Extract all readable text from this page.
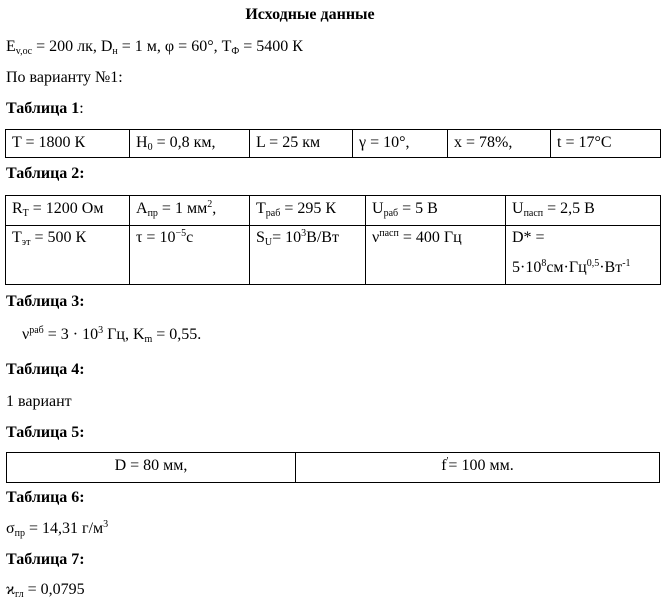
Исходные данные
$E_{v,oc} = 200$ лк, $D_н = 1$ м, φ = 60°, $T_Ф = 5400$ К
По варианту №1:
Таблица 1:
T = 1800 К	$H_0 = 0,8$ км,	L = 25 км	γ = 10°,	x = 78%,	t = 17°C
Таблица 2:
$R_T = 1200$ Ом	$A_{пр} = 1$ $мм^2$,	$T_{раб} = 295$ К	$U_{раб} = 5$ В	$U_{пасп} = 2,5$ В
$T_{эт} = 500$ К	$\tau = 10^{-5}с$	$S_U= 10^3В/Вт$	$\nu^{пасп} = 400$ Гц	D* =
$5\cdot 10^8см\cdot Гц^{0,5}\cdot Вт^{-1}$
Таблица 3:
$\nu^{раб} = 3 \cdot 10^3$ Гц, $K_m = 0,55$.
Таблица 4:
1 вариант
Таблица 5:
D = 80 мм,	f'= 100 мм.
Таблица 6:
$\sigma_{пр} = 14,31$ $г/м^3$
Таблица 7:
$ϰ_{гл} = 0,0795$
